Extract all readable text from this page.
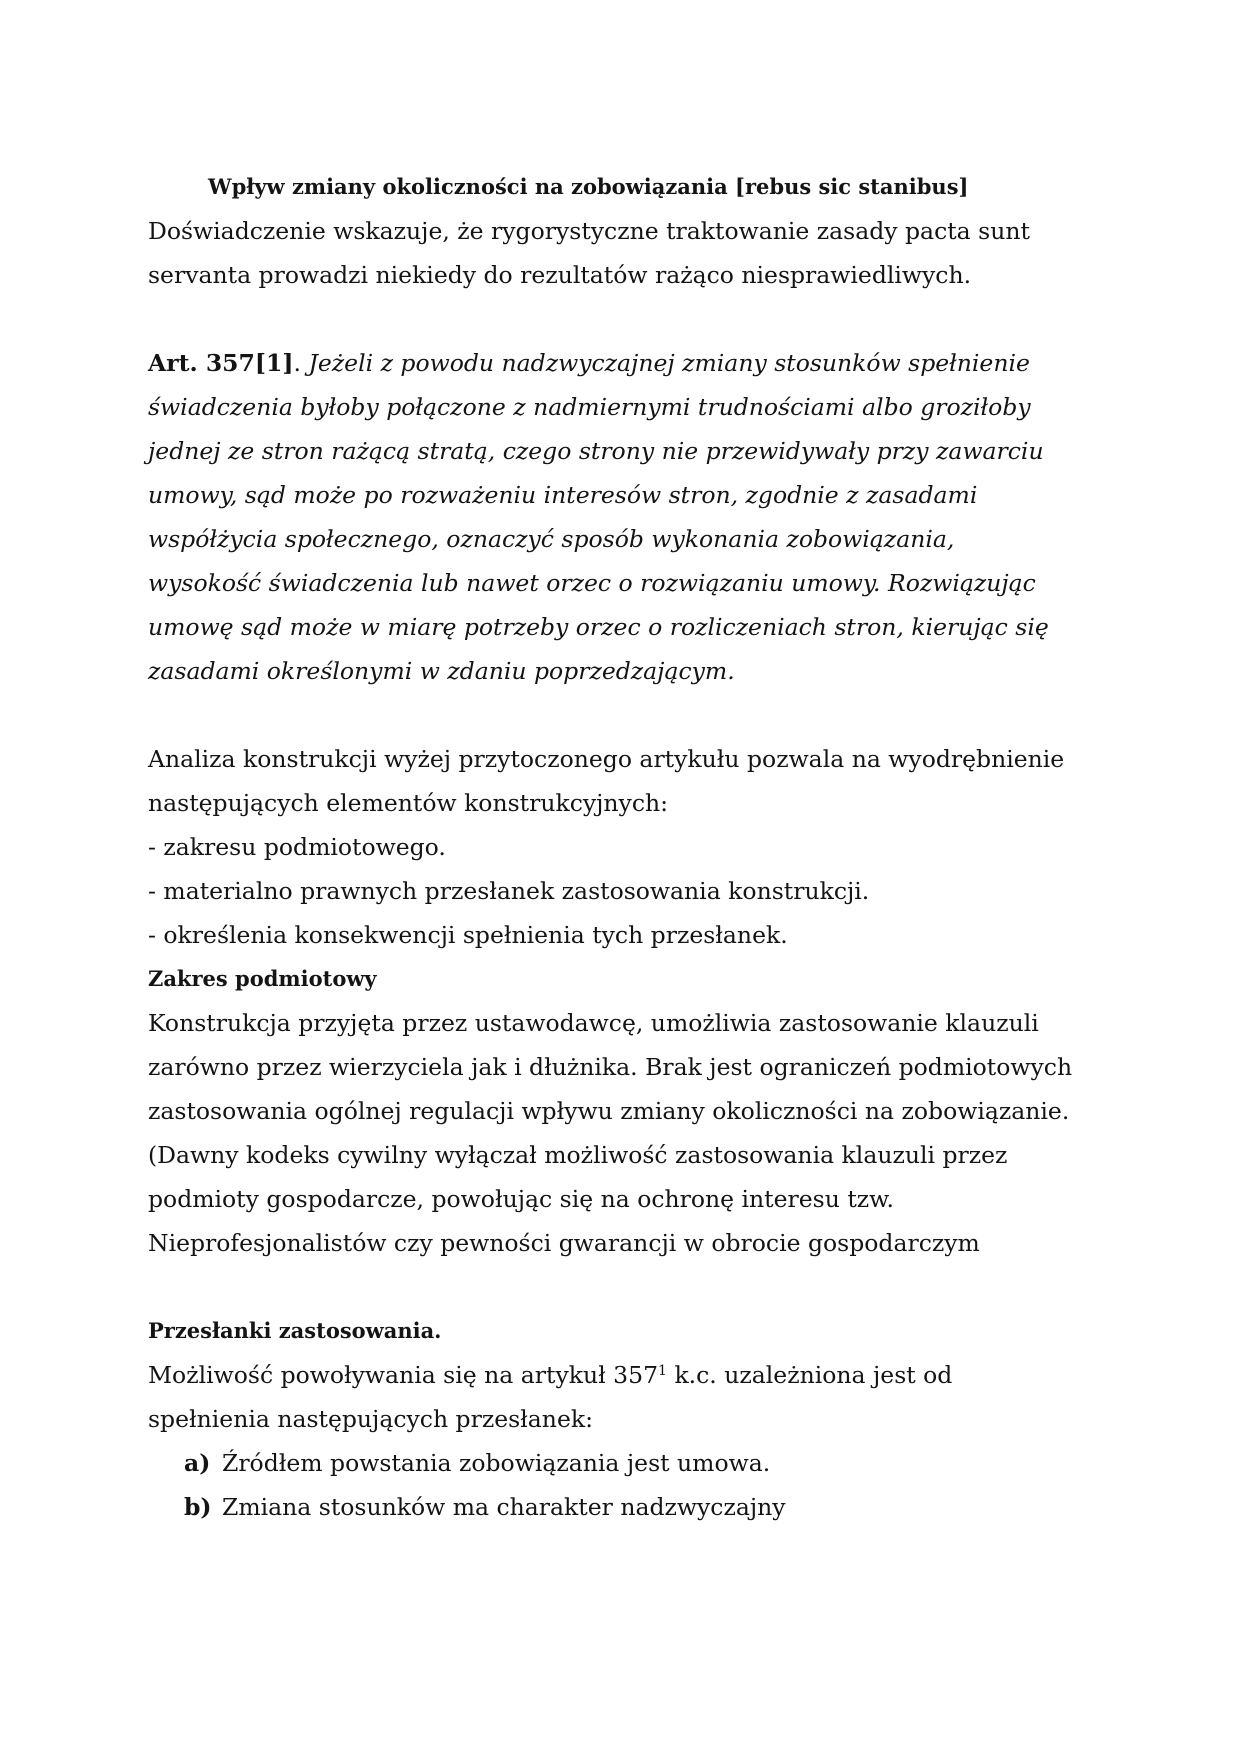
Wpływ zmiany okoliczności na zobowiązania [rebus sic stanibus]

Doświadczenie wskazuje, że rygorystyczne traktowanie zasady pacta sunt

servanta prowadzi niekiedy do rezultatów rażąco niesprawiedliwych.

Art. 357[1]. Jeżeli z powodu nadzwyczajnej zmiany stosunków spełnienie

świadczenia byłoby połączone z nadmiernymi trudnościami albo groziłoby

jednej ze stron rażącą stratą, czego strony nie przewidywały przy zawarciu

umowy, sąd może po rozważeniu interesów stron, zgodnie z zasadami

współżycia społecznego, oznaczyć sposób wykonania zobowiązania,

wysokość świadczenia lub nawet orzec o rozwiązaniu umowy. Rozwiązując

umowę sąd może w miarę potrzeby orzec o rozliczeniach stron, kierując się

zasadami określonymi w zdaniu poprzedzającym.

Analiza konstrukcji wyżej przytoczonego artykułu pozwala na wyodrębnienie

następujących elementów konstrukcyjnych:

- zakresu podmiotowego.

- materialno prawnych przesłanek zastosowania konstrukcji.

- określenia konsekwencji spełnienia tych przesłanek.

Zakres podmiotowy

Konstrukcja przyjęta przez ustawodawcę, umożliwia zastosowanie klauzuli

zarówno przez wierzyciela jak i dłużnika. Brak jest ograniczeń podmiotowych

zastosowania ogólnej regulacji wpływu zmiany okoliczności na zobowiązanie.

(Dawny kodeks cywilny wyłączał możliwość zastosowania klauzuli przez

podmioty gospodarcze, powołując się na ochronę interesu tzw.

Nieprofesjonalistów czy pewności gwarancji w obrocie gospodarczym

Przesłanki zastosowania.

Możliwość powoływania się na artykuł $357^1$ k.c. uzależniona jest od

spełnienia następujących przesłanek:

a) Źródłem powstania zobowiązania jest umowa.
b) Zmiana stosunków ma charakter nadzwyczajny
